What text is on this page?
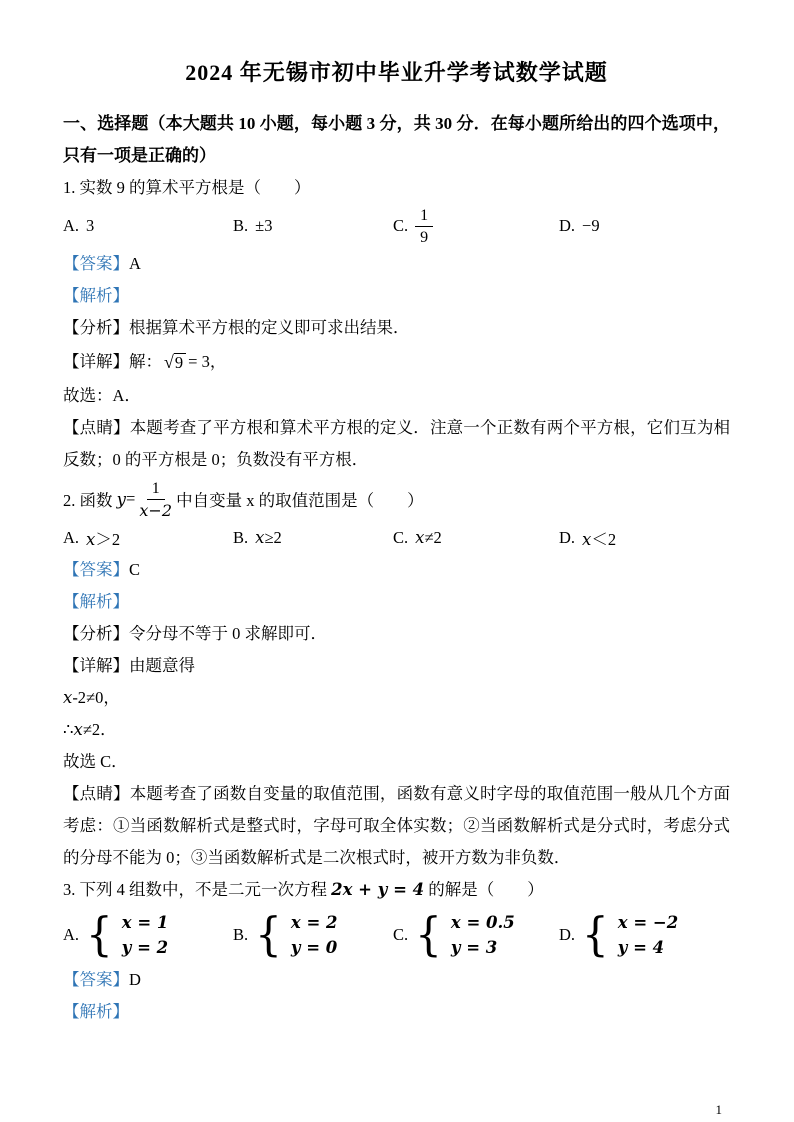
2024 年无锡市初中毕业升学考试数学试题

一、选择题（本大题共 10 小题，每小题 3 分，共 30 分．在每小题所给出的四个选项中，只有一项是正确的）

1. 实数 9 的算术平方根是（　　）

A. 3	B. ±3	C. $\frac{1}{9}$	D. −9

【答案】A

【解析】

【分析】根据算术平方根的定义即可求出结果．

【详解】 解： √ 9 = 3，

故选：A．

【点睛】本题考查了平方根和算术平方根的定义．注意一个正数有两个平方根，它们互为相反数；0 的平方根是 0；负数没有平方根．

2. 函数 $y = \frac{1}{x-2}$ 中自变量 x 的取值范围是（　　）
A. x＞2	B. x≥2	C. x≠2	D. x＜2

【答案】C

【解析】

【分析】令分母不等于 0 求解即可．

【详解】由题意得

x-2≠0，

∴x≠2．

故选 C．

【点睛】本题考查了函数自变量的取值范围，函数有意义时字母的取值范围一般从几个方面考虑：①当函数解析式是整式时，字母可取全体实数；②当函数解析式是分式时，考虑分式的分母不能为 0；③当函数解析式是二次根式时，被开方数为非负数．

3. 下列 4 组数中，不是二元一次方程 2x + y = 4 的解是（　　）

A. { x = 1
y = 2
B. { x = 2
y = 0
C. { x = 0.5
y = 3
D. { x = −2
y = 4

【答案】D

【解析】

1
